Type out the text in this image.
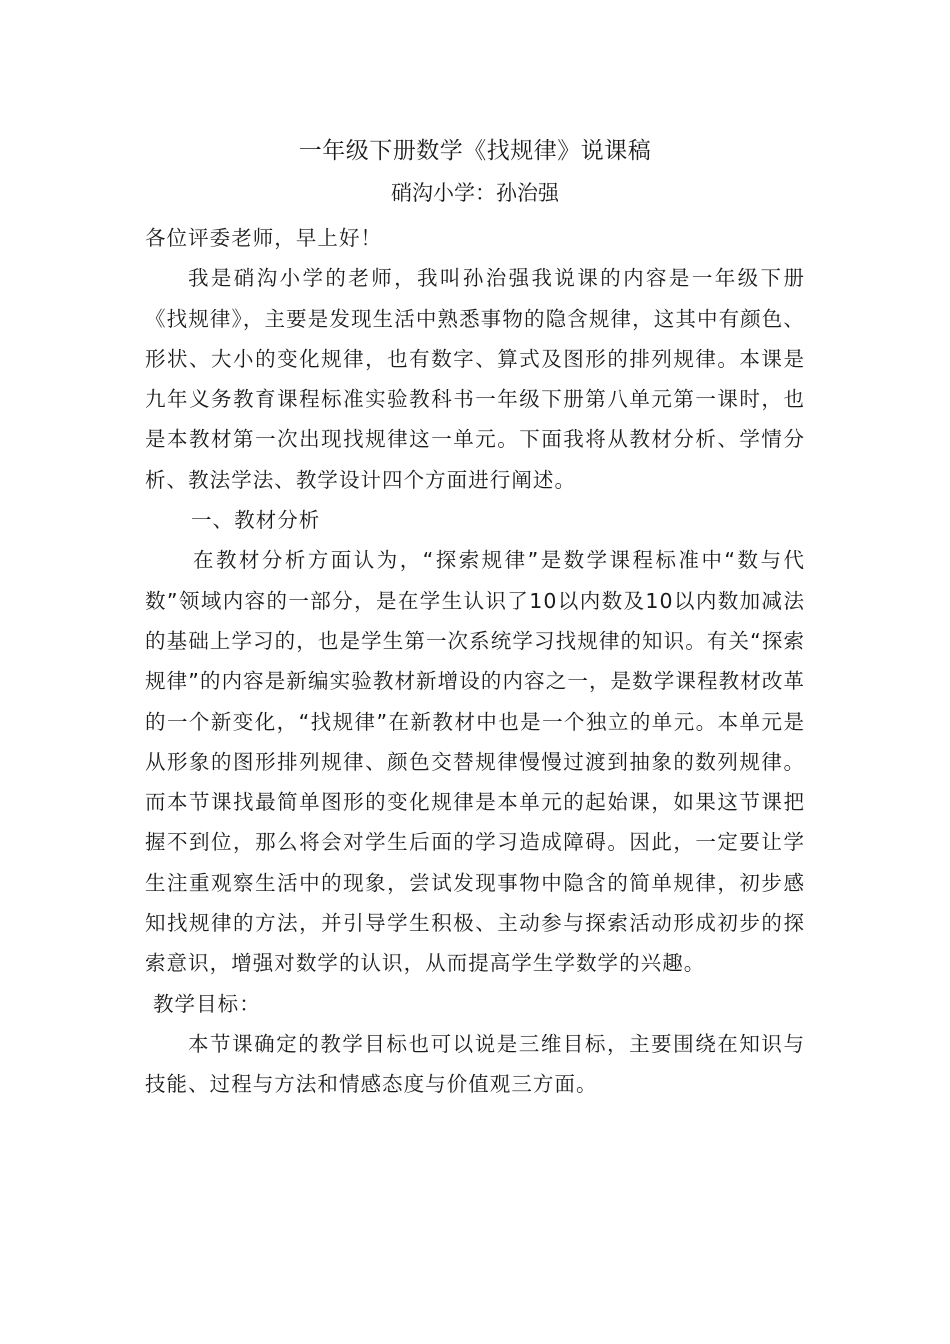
一年级下册数学《找规律》说课稿
硝沟小学：孙治强

各位评委老师，早上好！

我是硝沟小学的老师，我叫孙治强我说课的内容是一年级下册《找规律》，主要是发现生活中熟悉事物的隐含规律，这其中有颜色、形状、大小的变化规律，也有数字、算式及图形的排列规律。本课是九年义务教育课程标准实验教科书一年级下册第八单元第一课时，也是本教材第一次出现找规律这一单元。下面我将从教材分析、学情分析、教法学法、教学设计四个方面进行阐述。

一、教材分析

在教材分析方面认为，“探索规律”是数学课程标准中“数与代数”领域内容的一部分，是在学生认识了10以内数及10以内数加减法的基础上学习的，也是学生第一次系统学习找规律的知识。有关“探索规律”的内容是新编实验教材新增设的内容之一，是数学课程教材改革的一个新变化，“找规律”在新教材中也是一个独立的单元。本单元是从形象的图形排列规律、颜色交替规律慢慢过渡到抽象的数列规律。而本节课找最简单图形的变化规律是本单元的起始课，如果这节课把握不到位，那么将会对学生后面的学习造成障碍。因此，一定要让学生注重观察生活中的现象，尝试发现事物中隐含的简单规律，初步感知找规律的方法，并引导学生积极、主动参与探索活动形成初步的探索意识，增强对数学的认识，从而提高学生学数学的兴趣。

教学目标：

本节课确定的教学目标也可以说是三维目标，主要围绕在知识与技能、过程与方法和情感态度与价值观三方面。
